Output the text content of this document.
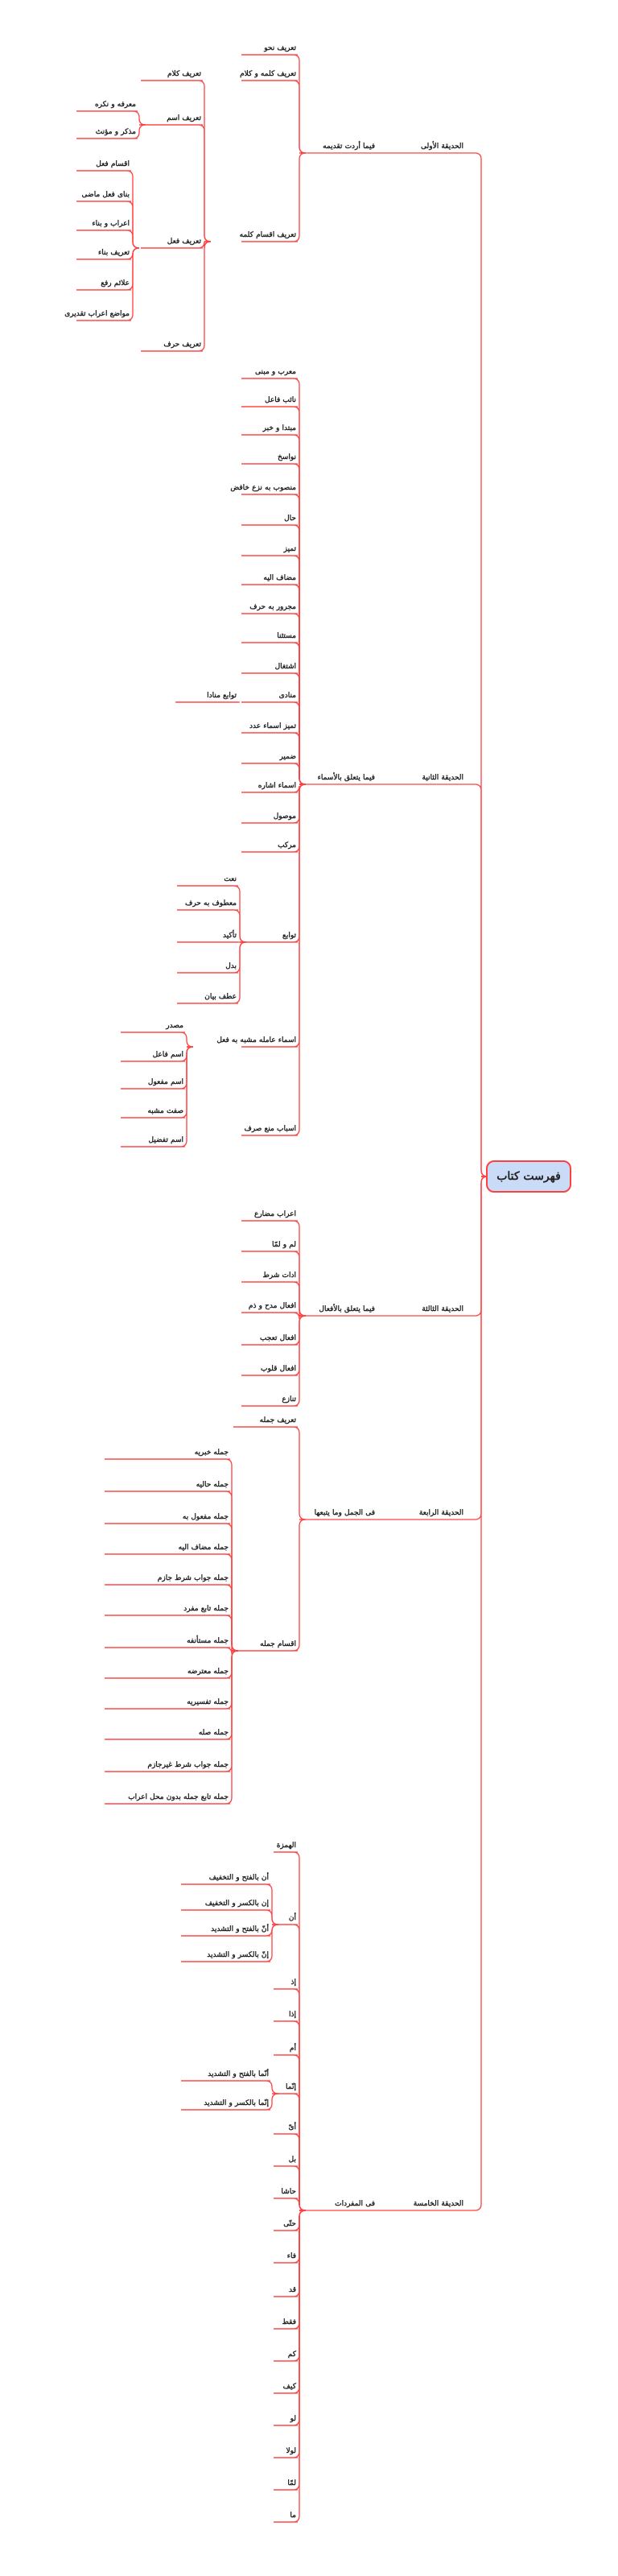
فهرست کتاب
الحدیقة الأولی
فیما أردت تقدیمه
الحدیقة الثانیة
فیما یتعلق بالأسماء
الحدیقة الثالثة
فیما یتعلق بالأفعال
الحدیقة الرابعة
فی الجمل وما یتبعها
الحدیقة الخامسة
فی المفردات
تعریف نحو
تعریف کلمه و کلام
تعریف اقسام کلمه
تعریف کلام
تعریف اسم
تعریف فعل
تعریف حرف
معرفه و نکره
مذکر و مؤنث
اقسام فعل
بنای فعل ماضی
اعراب و بناء
تعریف بناء
علائم رفع
مواضع اعراب تقدیری
معرب و مبنی
نائب فاعل
مبتدا و خبر
نواسخ
منصوب به نزع خافض
حال
تمیز
مضاف الیه
مجرور به حرف
مستثنا
اشتغال
منادی
تمیز اسماء عدد
ضمیر
اسماء اشاره
موصول
مرکب
توابع
اسماء عامله مشبه به فعل
اسباب منع صرف
توابع منادا
نعت
معطوف به حرف
تأکید
بدل
عطف بیان
مصدر
اسم فاعل
اسم مفعول
صفت مشبه
اسم تفضیل
اعراب مضارع
لم و لمّا
ادات شرط
افعال مدح و ذم
افعال تعجب
افعال قلوب
تنازع
تعریف جمله
اقسام جمله
جمله خبریه
جمله حالیه
جمله مفعول به
جمله مضاف الیه
جمله جواب شرط جازم
جمله تابع مفرد
جمله مستأنفه
جمله معترضه
جمله تفسیریه
جمله صله
جمله جواب شرط غیرجازم
جمله تابع جمله بدون محل اعراب
الهمزة
أن
إذ
إذا
أم
إنّما
أیّ
بل
حاشا
حتّی
فاء
قد
فقط
کم
کیف
لو
لولا
لمّا
ما
أن بالفتح و التخفیف
إن بالکسر و التخفیف
أنّ بالفتح و التشدید
إنّ بالکسر و التشدید
أنّما بالفتح و التشدید
إنّما بالکسر و التشدید
